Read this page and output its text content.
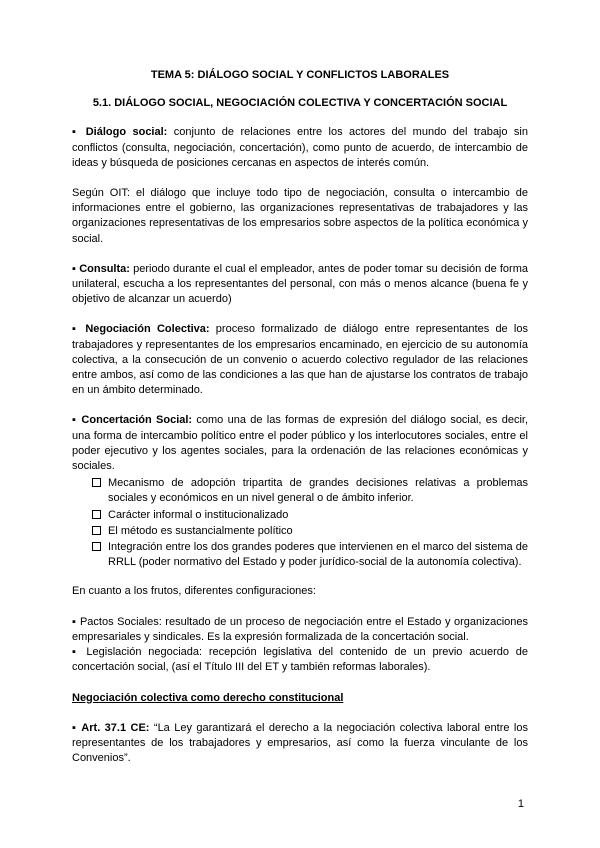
TEMA 5: DIÁLOGO SOCIAL Y CONFLICTOS LABORALES
5.1. DIÁLOGO SOCIAL, NEGOCIACIÓN COLECTIVA Y CONCERTACIÓN SOCIAL
▪ Diálogo social: conjunto de relaciones entre los actores del mundo del trabajo sin conflictos (consulta, negociación, concertación), como punto de acuerdo, de intercambio de ideas y búsqueda de posiciones cercanas en aspectos de interés común.
Según OIT: el diálogo que incluye todo tipo de negociación, consulta o intercambio de informaciones entre el gobierno, las organizaciones representativas de trabajadores y las organizaciones representativas de los empresarios sobre aspectos de la política económica y social.
▪ Consulta: periodo durante el cual el empleador, antes de poder tomar su decisión de forma unilateral, escucha a los representantes del personal, con más o menos alcance (buena fe y objetivo de alcanzar un acuerdo)
▪ Negociación Colectiva: proceso formalizado de diálogo entre representantes de los trabajadores y representantes de los empresarios encaminado, en ejercicio de su autonomía colectiva, a la consecución de un convenio o acuerdo colectivo regulador de las relaciones entre ambos, así como de las condiciones a las que han de ajustarse los contratos de trabajo en un ámbito determinado.
▪ Concertación Social: como una de las formas de expresión del diálogo social, es decir, una forma de intercambio político entre el poder público y los interlocutores sociales, entre el poder ejecutivo y los agentes sociales, para la ordenación de las relaciones económicas y sociales.
Mecanismo de adopción tripartita de grandes decisiones relativas a problemas sociales y económicos en un nivel general o de ámbito inferior.
Carácter informal o institucionalizado
El método es sustancialmente político
Integración entre los dos grandes poderes que intervienen en el marco del sistema de RRLL (poder normativo del Estado y poder jurídico-social de la autonomía colectiva).
En cuanto a los frutos, diferentes configuraciones:
▪ Pactos Sociales: resultado de un proceso de negociación entre el Estado y organizaciones empresariales y sindicales. Es la expresión formalizada de la concertación social.
▪ Legislación negociada: recepción legislativa del contenido de un previo acuerdo de concertación social, (así el Título III del ET y también reformas laborales).
Negociación colectiva como derecho constitucional
▪ Art. 37.1 CE: “La Ley garantizará el derecho a la negociación colectiva laboral entre los representantes de los trabajadores y empresarios, así como la fuerza vinculante de los Convenios”.
1
